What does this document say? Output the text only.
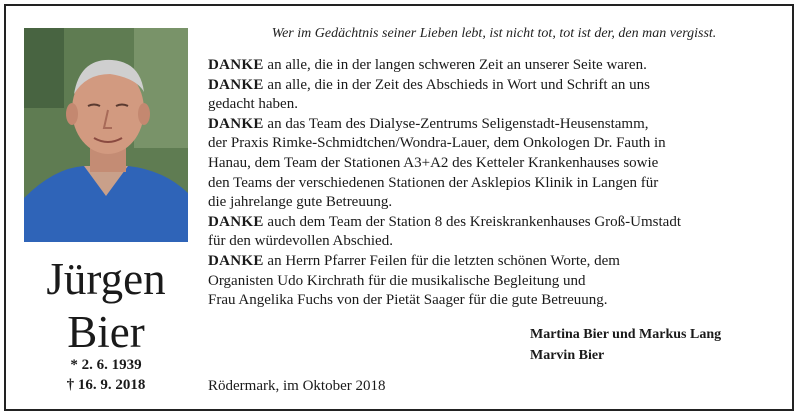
Jürgen
Bier
* 2. 6. 1939
† 16. 9. 2018
Wer im Gedächtnis seiner Lieben lebt, ist nicht tot, tot ist der, den man vergisst.
DANKE an alle, die in der langen schweren Zeit an unserer Seite waren.
DANKE an alle, die in der Zeit des Abschieds in Wort und Schrift an uns
gedacht haben.
DANKE an das Team des Dialyse-Zentrums Seligenstadt-Heusenstamm,
der Praxis Rimke-Schmidtchen/Wondra-Lauer, dem Onkologen Dr. Fauth in
Hanau, dem Team der Stationen A3+A2 des Ketteler Krankenhauses sowie
den Teams der verschiedenen Stationen der Asklepios Klinik in Langen für
die jahrelange gute Betreuung.
DANKE auch dem Team der Station 8 des Kreiskrankenhauses Groß-Umstadt
für den würdevollen Abschied.
DANKE an Herrn Pfarrer Feilen für die letzten schönen Worte, dem
Organisten Udo Kirchrath für die musikalische Begleitung und
Frau Angelika Fuchs von der Pietät Saager für die gute Betreuung.
Martina Bier und Markus Lang
Marvin Bier
Rödermark, im Oktober 2018
